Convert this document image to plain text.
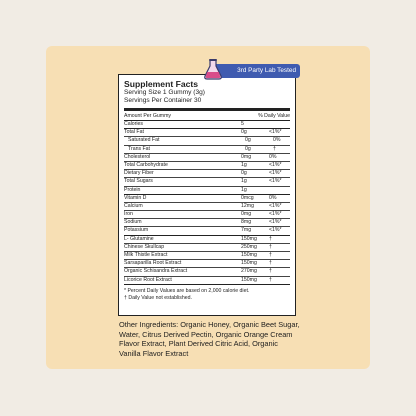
Supplement Facts
Serving Size 1 Gummy (3g)
Servings Per Container 30
Amount Per Gummy	% Daily Value
Calories	5
Total Fat	0g	<1%*
Saturated Fat	0g	0%
Trans Fat	0g	†
Cholesterol	0mg	0%
Total Carbohydrate	1g	<1%*
Dietary Fiber	0g	<1%*
Total Sugars	1g	<1%*
Protein	1g
Vitamin D	0mcg	0%
Calcium	12mg	<1%*
Iron	0mg	<1%*
Sodium	8mg	<1%*
Potassium	7mg	<1%*
L- Glutamine	150mg	†
Chinese Skullcap	250mg	†
Milk Thistle Extract	150mg	†
Sarsaparilla Root Extract	150mg	†
Organic Schisandra Extract	270mg	†
Licorice Root Extract	150mg	†
* Percent Daily Values are based on 2,000 calorie diet.
† Daily Value not established.
3rd Party Lab Tested
Other Ingredients: Organic Honey, Organic Beet Sugar, Water, Citrus Derived Pectin, Organic Orange Cream Flavor Extract, Plant Derived Citric Acid, Organic Vanilla Flavor Extract
